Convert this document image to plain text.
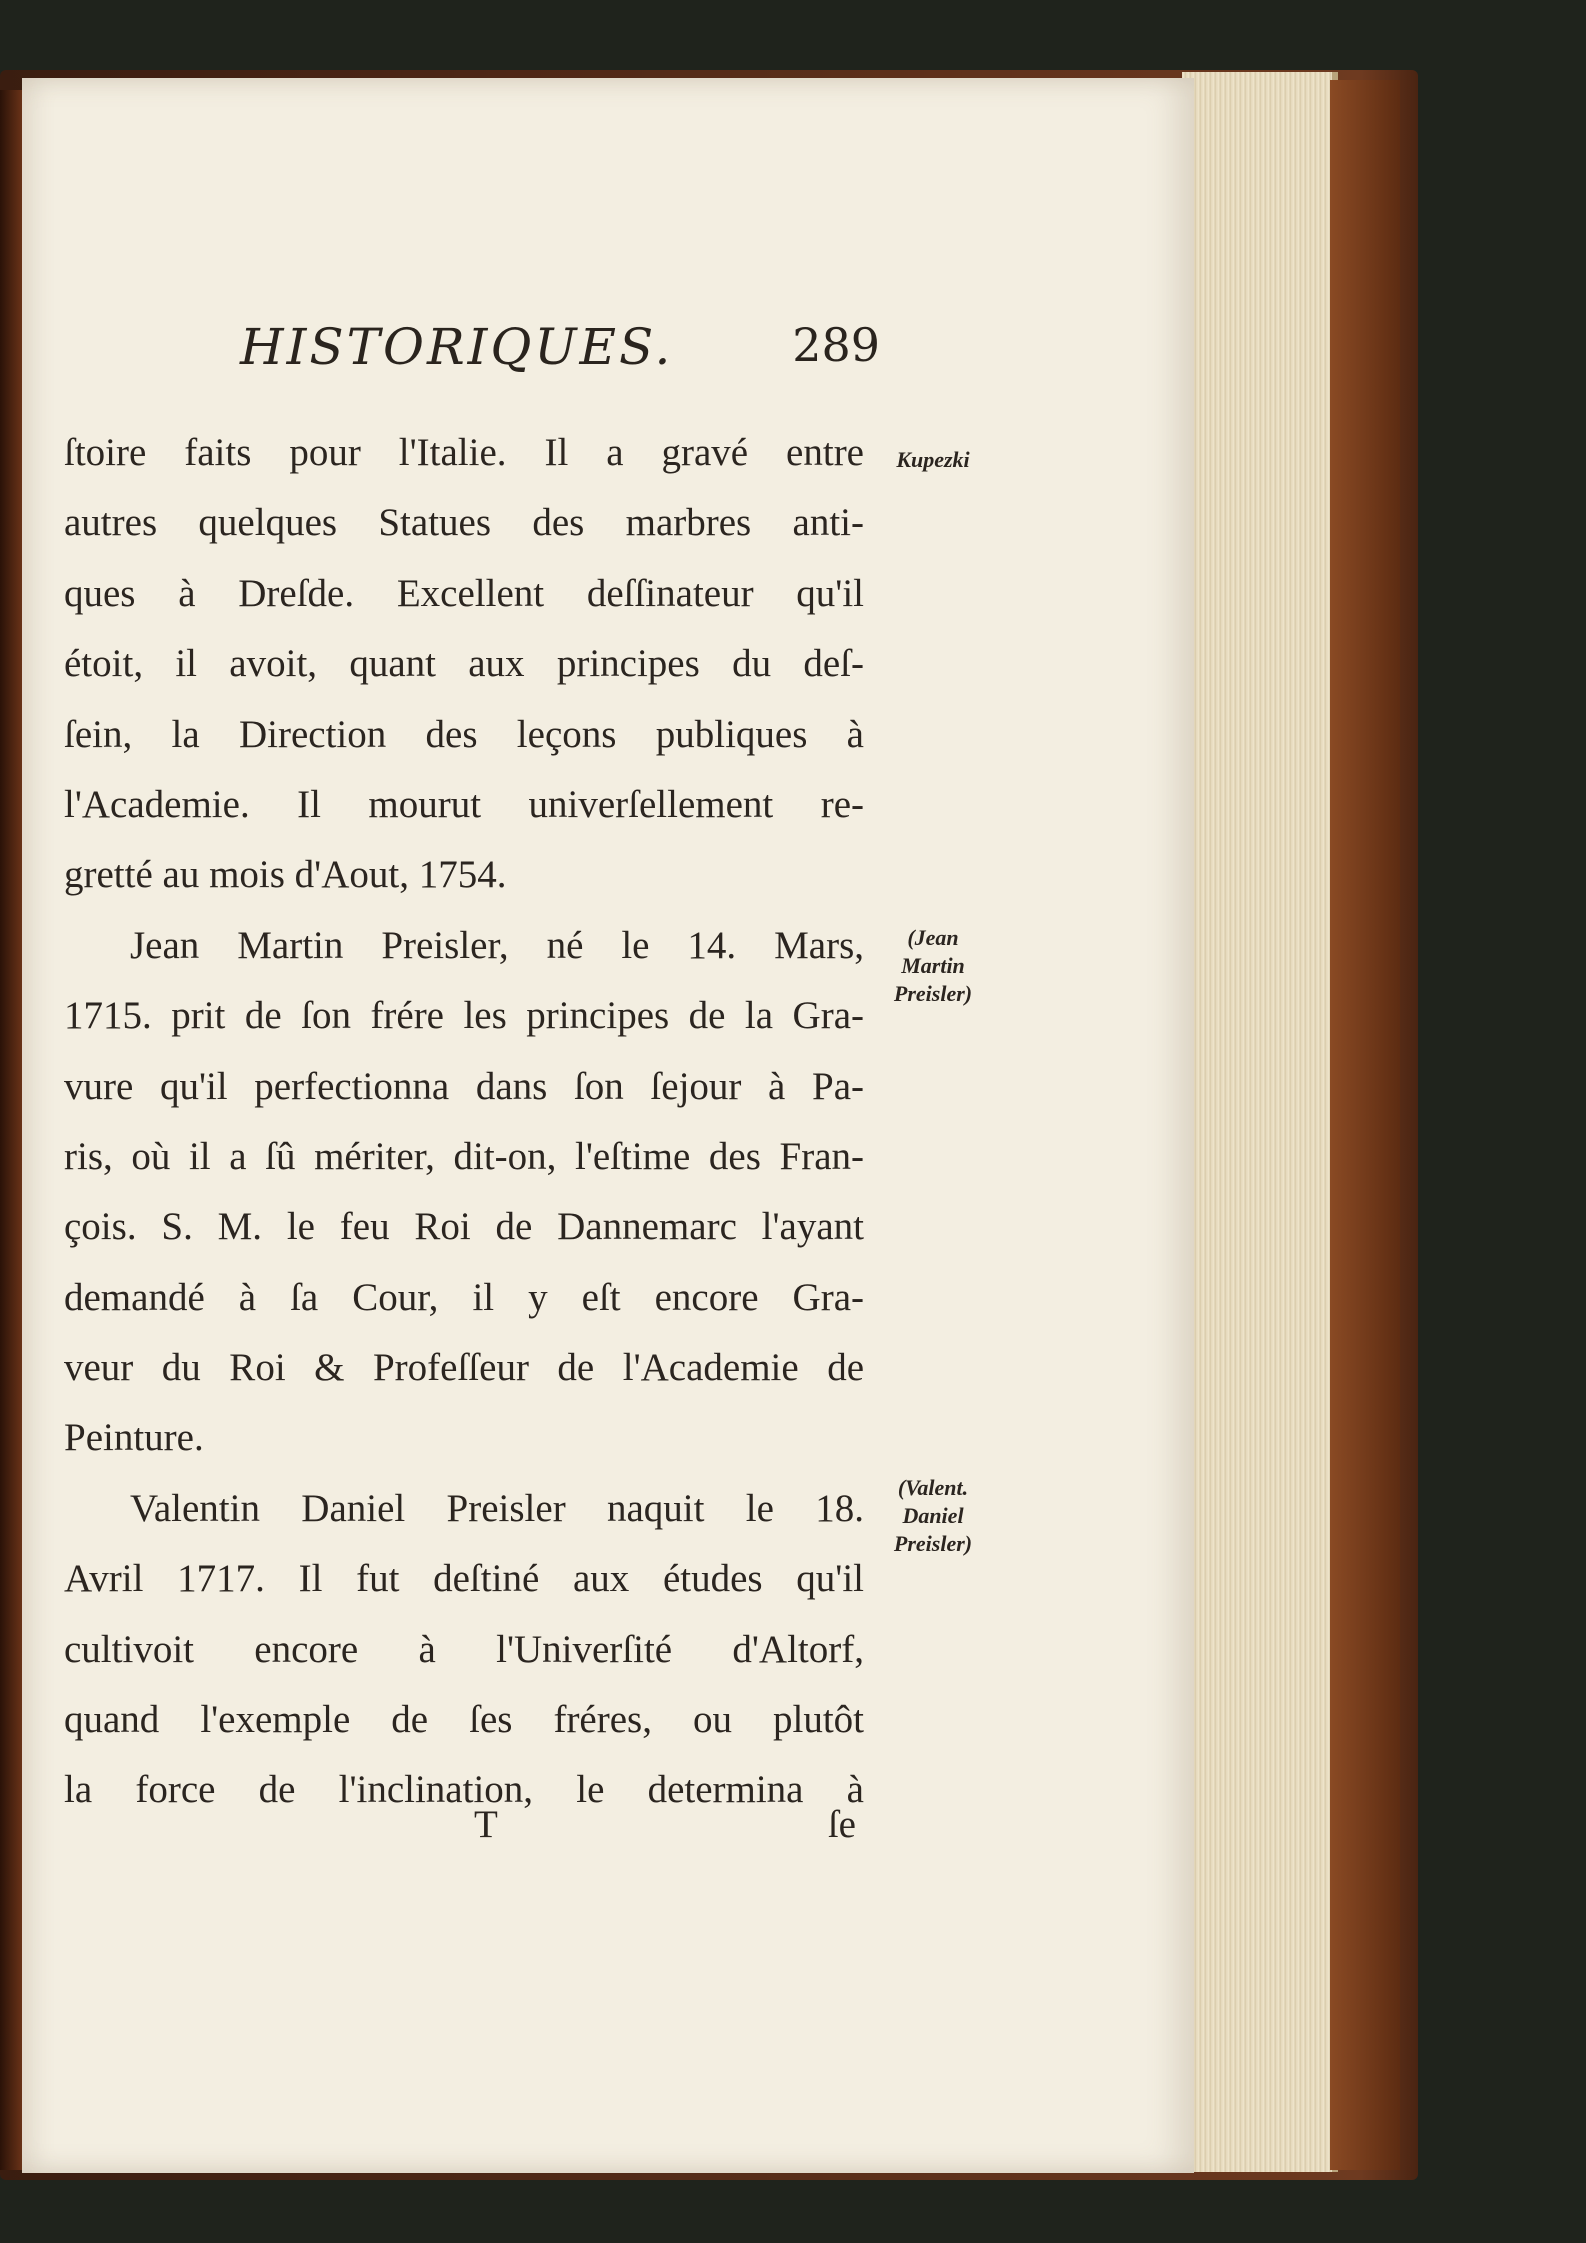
HISTORIQUES.	289
ſtoire faits pour l'Italie. Il a gravé entre
autres quelques Statues des marbres anti-
ques à Dreſde. Excellent deſſinateur qu'il
étoit, il avoit, quant aux principes du deſ-
ſein, la Direction des leçons publiques à
l'Academie. Il mourut univerſellement re-
gretté au mois d'Aout, 1754.
Jean Martin Preisler, né le 14. Mars,
1715. prit de ſon frére les principes de la Gra-
vure qu'il perfectionna dans ſon ſejour à Pa-
ris, où il a ſû mériter, dit-on, l'eſtime des Fran-
çois. S. M. le feu Roi de Dannemarc l'ayant
demandé à ſa Cour, il y eſt encore Gra-
veur du Roi & Profeſſeur de l'Academie de
Peinture.
Valentin Daniel Preisler naquit le 18.
Avril 1717. Il fut deſtiné aux études qu'il
cultivoit encore à l'Univerſité d'Altorf,
quand l'exemple de ſes fréres, ou plutôt
la force de l'inclination, le determina à
Kupezki
(Jean
Martin
Preisler)
(Valent.
Daniel
Preisler)
T	ſe
